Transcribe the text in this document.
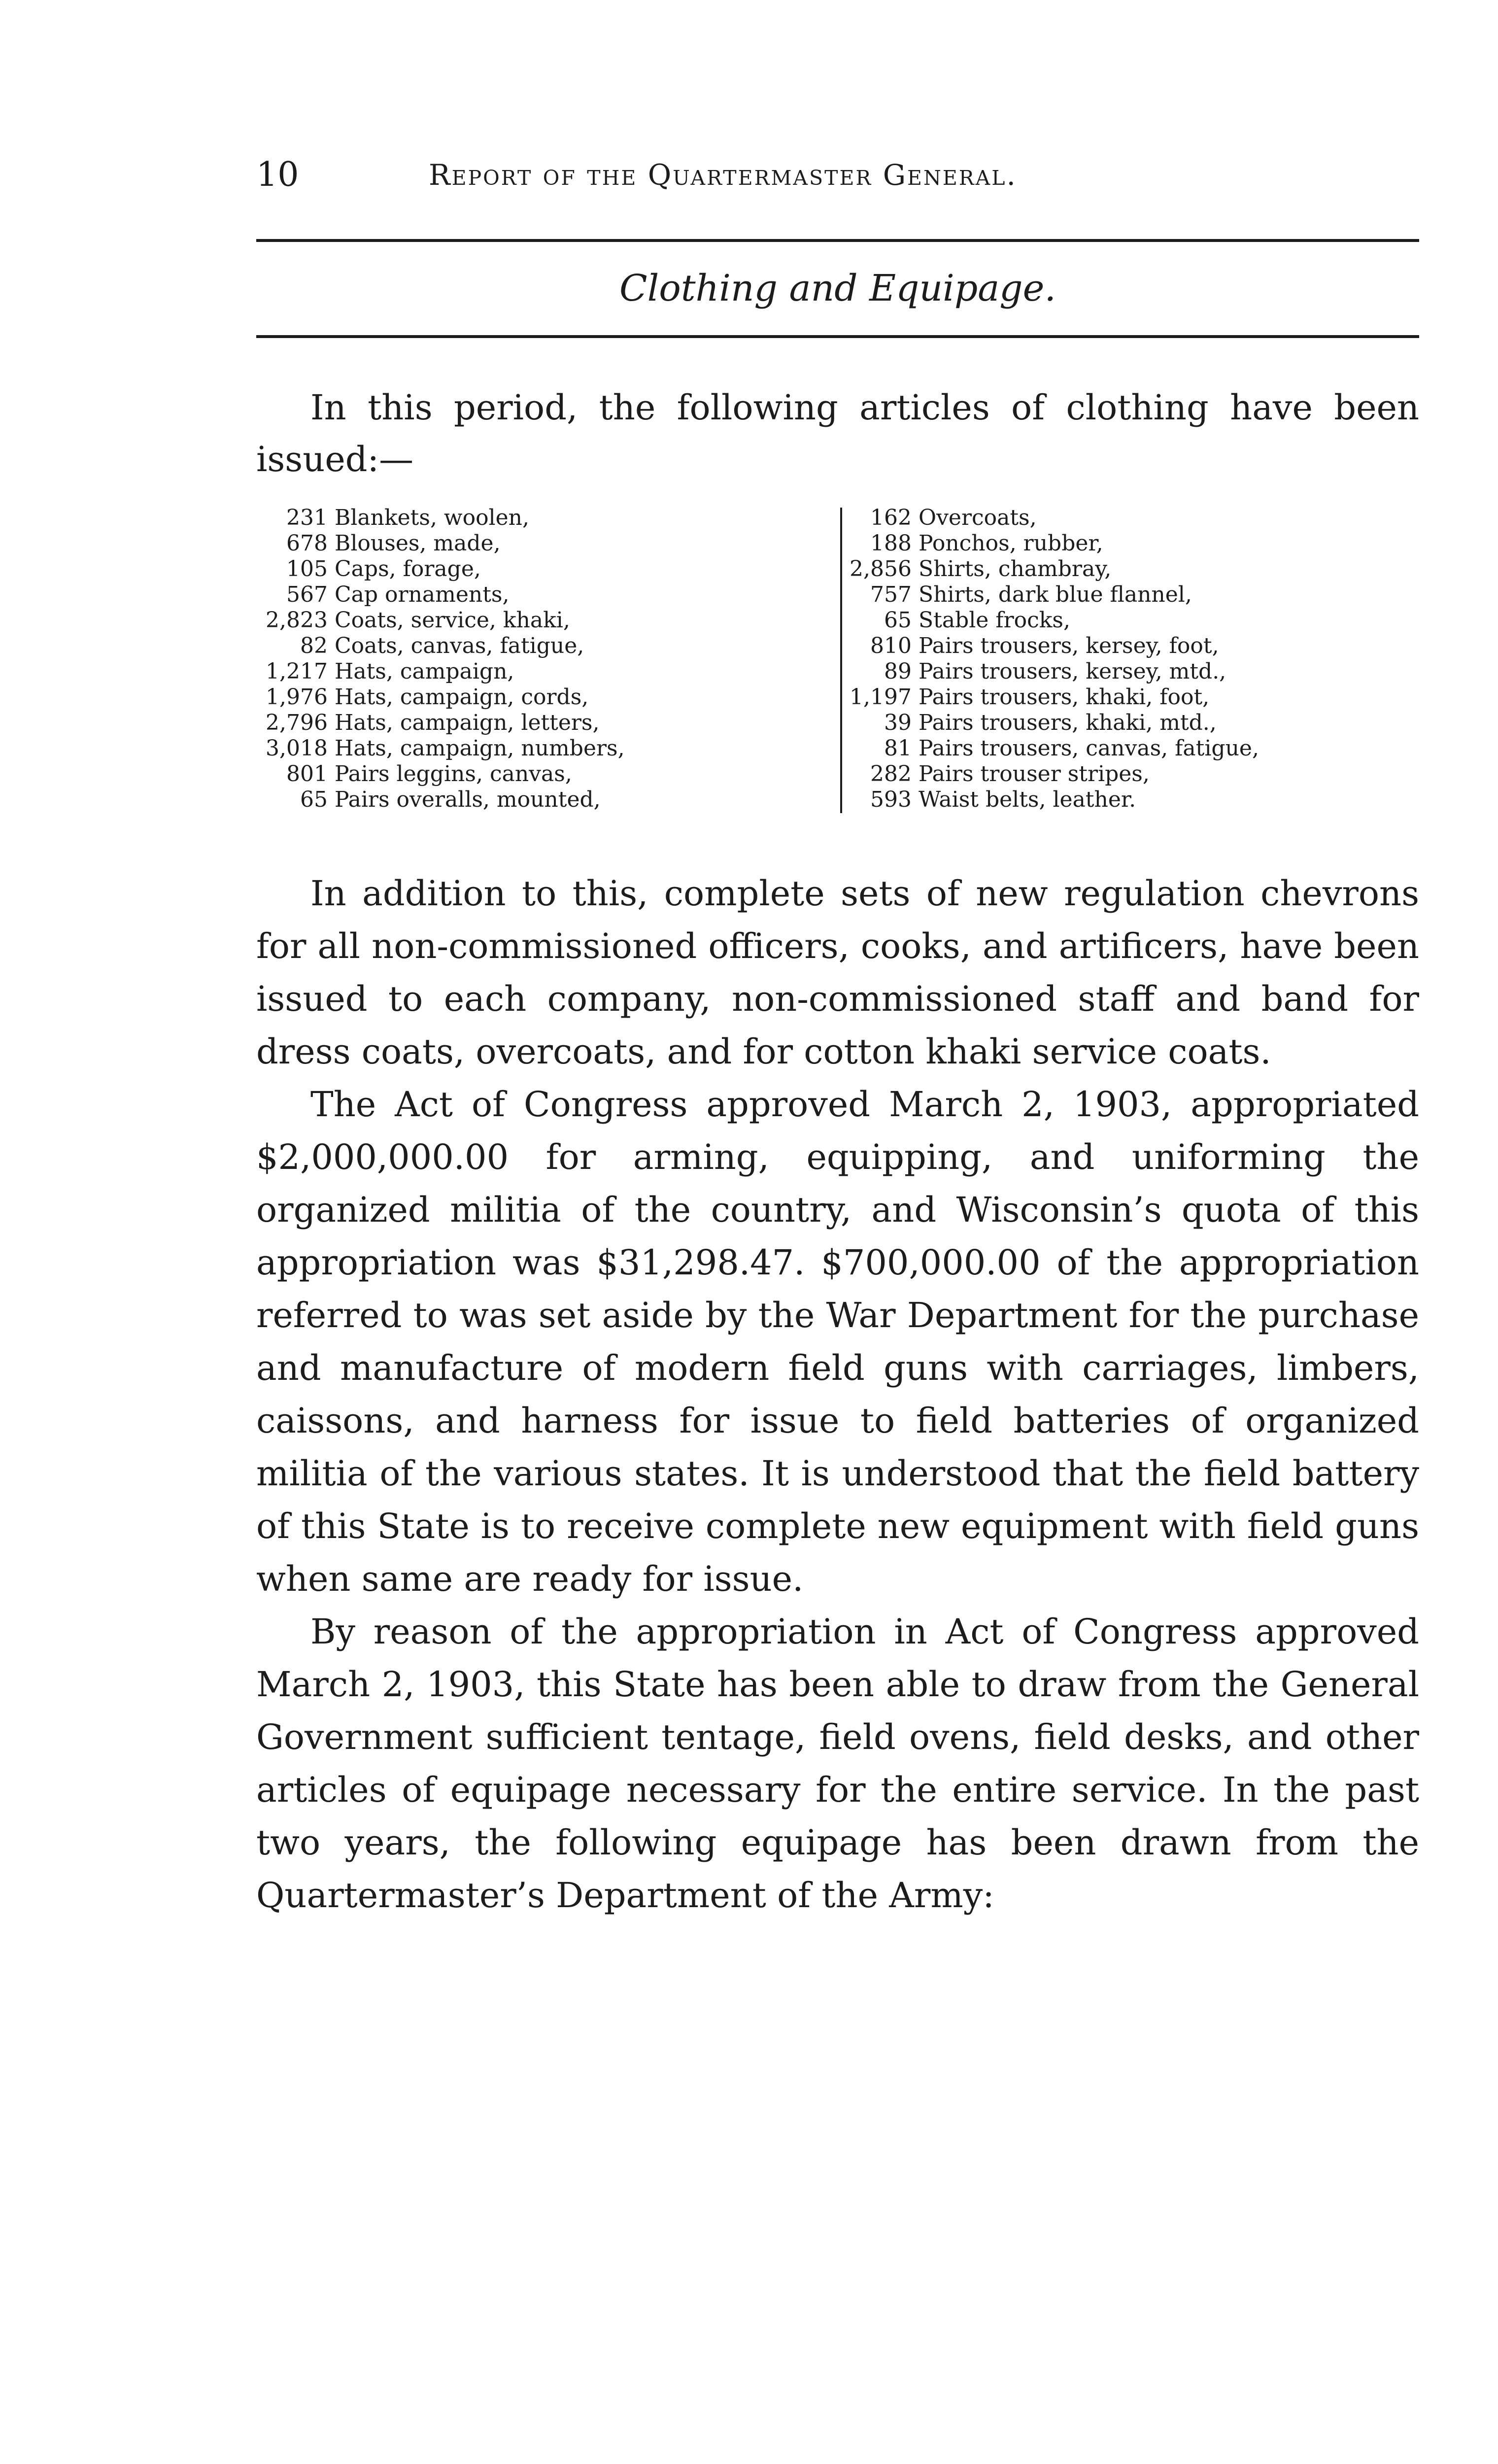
10	Report of the Quartermaster General.
Clothing and Equipage.

In this period, the following articles of clothing have been issued:—

231	Blankets, woolen,
678	Blouses, made,
105	Caps, forage,
567	Cap ornaments,
2,823	Coats, service, khaki,
82	Coats, canvas, fatigue,
1,217	Hats, campaign,
1,976	Hats, campaign, cords,
2,796	Hats, campaign, letters,
3,018	Hats, campaign, numbers,
801	Pairs leggins, canvas,
65	Pairs overalls, mounted,
162	Overcoats,
188	Ponchos, rubber,
2,856	Shirts, chambray,
757	Shirts, dark blue flannel,
65	Stable frocks,
810	Pairs trousers, kersey, foot,
89	Pairs trousers, kersey, mtd.,
1,197	Pairs trousers, khaki, foot,
39	Pairs trousers, khaki, mtd.,
81	Pairs trousers, canvas, fatigue,
282	Pairs trouser stripes,
593	Waist belts, leather.

In addition to this, complete sets of new regulation chevrons for all non-commissioned officers, cooks, and artificers, have been issued to each company, non-commissioned staff and band for dress coats, overcoats, and for cotton khaki service coats.

The Act of Congress approved March 2, 1903, appropriated $2,000,000.00 for arming, equipping, and uniforming the organized militia of the country, and Wisconsin’s quota of this appropriation was $31,298.47. $700,000.00 of the appropriation referred to was set aside by the War Department for the purchase and manufacture of modern field guns with carriages, limbers, caissons, and harness for issue to field batteries of organized militia of the various states. It is understood that the field battery of this State is to receive complete new equipment with field guns when same are ready for issue.

By reason of the appropriation in Act of Congress approved March 2, 1903, this State has been able to draw from the General Government sufficient tentage, field ovens, field desks, and other articles of equipage necessary for the entire service. In the past two years, the following equipage has been drawn from the Quartermaster’s Department of the Army:
